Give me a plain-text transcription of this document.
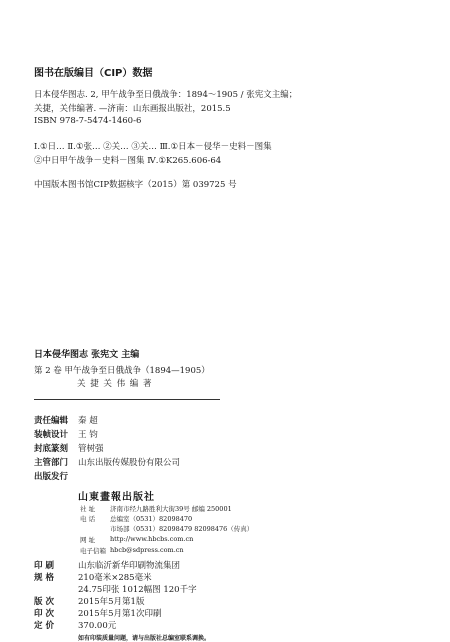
图书在版编目（CIP）数据
日本侵华图志. 2, 甲午战争至日俄战争：1894～1905 / 张宪文主编；
关捷，关伟编著. —济南：山东画报出版社，2015.5
ISBN 978-7-5474-1460-6
Ⅰ.①日… Ⅱ.①张… ②关… ③关… Ⅲ.①日本－侵华－史料－图集
②中日甲午战争－史料－图集 Ⅳ.①K265.606-64
中国版本图书馆CIP数据核字（2015）第 039725 号
日本侵华图志 张宪文 主编
第 2 卷 甲午战争至日俄战争（1894—1905）
关 捷 关 伟 编 著
责任编辑 秦 超
装帧设计 王 钧
封底篆刻 管树强
主管部门 山东出版传媒股份有限公司
出版发行
山東畫報出版社
社 址 济南市经九路胜利大街39号 邮编 250001
电 话 总编室（0531）82098470
市场部（0531）82098479 82098476（传真）
网 址 http://www.hbcbs.com.cn
电子信箱 hbcb@sdpress.com.cn
印 刷	山东临沂新华印刷物流集团
规 格	210毫米×285毫米
24.75印张 1012幅图 120千字
版 次	2015年5月第1版
印 次	2015年5月第1次印刷
定 价	370.00元
如有印装质量问题，请与出版社总编室联系调换。
